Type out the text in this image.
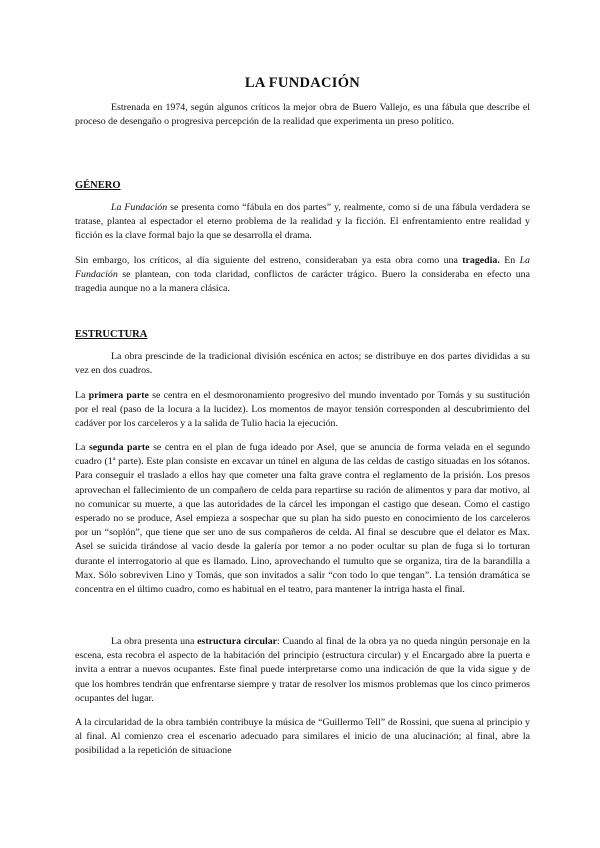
LA FUNDACIÓN

Estrenada en 1974, según algunos críticos la mejor obra de Buero Vallejo, es una fábula que describe el proceso de desengaño o progresiva percepción de la realidad que experimenta un preso político.

GÉNERO

La Fundación se presenta como “fábula en dos partes” y, realmente, como si de una fábula verdadera se tratase, plantea al espectador el eterno problema de la realidad y la ficción. El enfrentamiento entre realidad y ficción es la clave formal bajo la que se desarrolla el drama.

Sin embargo, los críticos, al día siguiente del estreno, consideraban ya esta obra como una tragedia. En La Fundación se plantean, con toda claridad, conflictos de carácter trágico. Buero la consideraba en efecto una tragedia aunque no a la manera clásica.

ESTRUCTURA

La obra prescinde de la tradicional división escénica en actos; se distribuye en dos partes divididas a su vez en dos cuadros.

La primera parte se centra en el desmoronamiento progresivo del mundo inventado por Tomás y su sustitución por el real (paso de la locura a la lucidez). Los momentos de mayor tensión corresponden al descubrimiento del cadáver por los carceleros y a la salida de Tulio hacia la ejecución.

La segunda parte se centra en el plan de fuga ideado por Asel, que se anuncia de forma velada en el segundo cuadro (1ª parte). Este plan consiste en excavar un túnel en alguna de las celdas de castigo situadas en los sótanos. Para conseguir el traslado a ellos hay que cometer una falta grave contra el reglamento de la prisión. Los presos aprovechan el fallecimiento de un compañero de celda para repartirse su ración de alimentos y para dar motivo, al no comunicar su muerte, a que las autoridades de la cárcel les impongan el castigo que desean. Como el castigo esperado no se produce, Asel empieza a sospechar que su plan ha sido puesto en conocimiento de los carceleros por un “soplón”, que tiene que ser uno de sus compañeros de celda. Al final se descubre que el delator es Max. Asel se suicida tirándose al vacío desde la galería por temor a no poder ocultar su plan de fuga si lo torturan durante el interrogatorio al que es llamado. Lino, aprovechando el tumulto que se organiza, tira de la barandilla a Max. Sólo sobreviven Lino y Tomás, que son invitados a salir “con todo lo que tengan”. La tensión dramática se concentra en el último cuadro, como es habitual en el teatro, para mantener la intriga hasta el final.

La obra presenta una estructura circular: Cuando al final de la obra ya no queda ningún personaje en la escena, esta recobra el aspecto de la habitación del principio (estructura circular) y el Encargado abre la puerta e invita a entrar a nuevos ocupantes. Este final puede interpretarse como una indicación de que la vida sigue y de que los hombres tendrán que enfrentarse siempre y tratar de resolver los mismos problemas que los cinco primeros ocupantes del lugar.

A la circularidad de la obra también contribuye la música de “Guillermo Tell” de Rossini, que suena al principio y al final. Al comienzo crea el escenario adecuado para similares el inicio de una alucinación; al final, abre la posibilidad a la repetición de situacione
